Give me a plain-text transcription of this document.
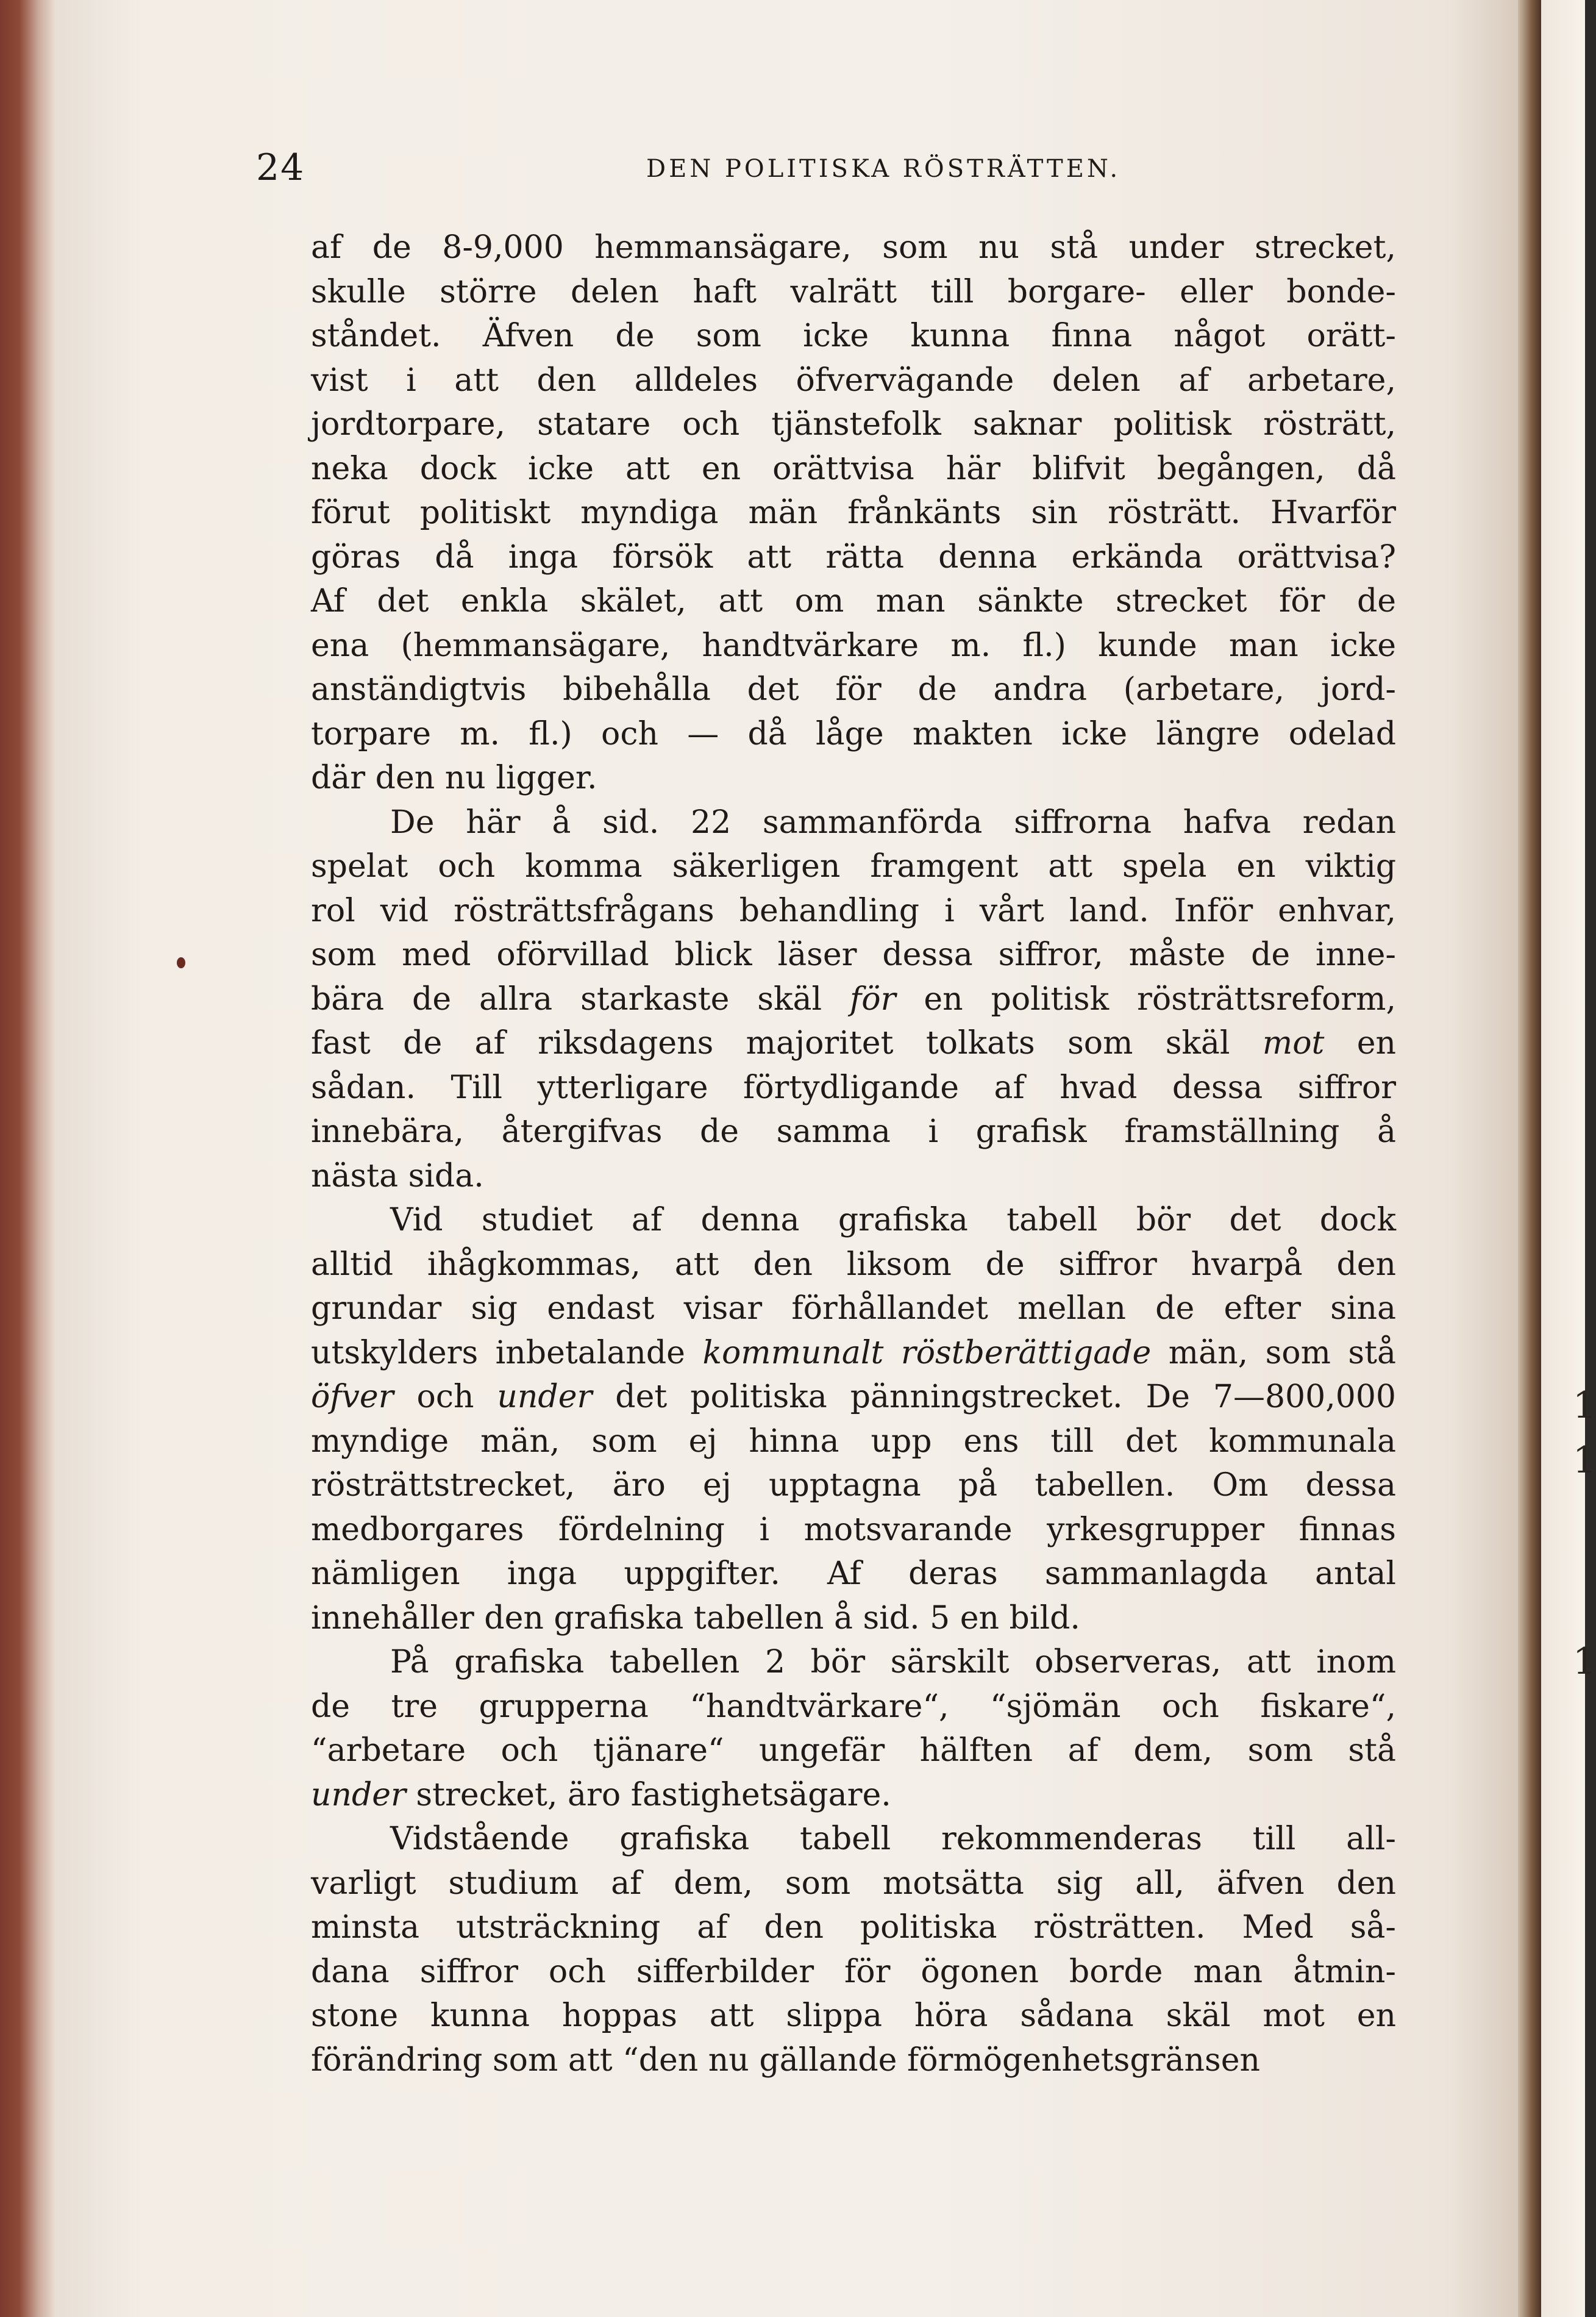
24	DEN POLITISKA RÖSTRÄTTEN.

af de 8-9,000 hemmansägare, som nu stå under strecket,
skulle större delen haft valrätt till borgare- eller bonde-
ståndet. Äfven de som icke kunna finna något orätt-
vist i att den alldeles öfvervägande delen af arbetare,
jordtorpare, statare och tjänstefolk saknar politisk rösträtt,
neka dock icke att en orättvisa här blifvit begången, då
förut politiskt myndiga män frånkänts sin rösträtt. Hvarför
göras då inga försök att rätta denna erkända orättvisa?
Af det enkla skälet, att om man sänkte strecket för de
ena (hemmansägare, handtvärkare m. fl.) kunde man icke
anständigtvis bibehålla det för de andra (arbetare, jord-
torpare m. fl.) och — då låge makten icke längre odelad
där den nu ligger.

De här å sid. 22 sammanförda siffrorna hafva redan
spelat och komma säkerligen framgent att spela en viktig
rol vid rösträttsfrågans behandling i vårt land. Inför enhvar,
som med oförvillad blick läser dessa siffror, måste de inne-
bära de allra starkaste skäl för en politisk rösträttsreform,
fast de af riksdagens majoritet tolkats som skäl mot en
sådan. Till ytterligare förtydligande af hvad dessa siffror
innebära, återgifvas de samma i grafisk framställning å
nästa sida.

Vid studiet af denna grafiska tabell bör det dock
alltid ihågkommas, att den liksom de siffror hvarpå den
grundar sig endast visar förhållandet mellan de efter sina
utskylders inbetalande kommunalt röstberättigade män, som stå
öfver och under det politiska pänningstrecket. De 7—800,000
myndige män, som ej hinna upp ens till det kommunala
rösträttstrecket, äro ej upptagna på tabellen. Om dessa
medborgares fördelning i motsvarande yrkesgrupper finnas
nämligen inga uppgifter. Af deras sammanlagda antal
innehåller den grafiska tabellen å sid. 5 en bild.

På grafiska tabellen 2 bör särskilt observeras, att inom
de tre grupperna “handtvärkare“, “sjömän och fiskare“,
“arbetare och tjänare“ ungefär hälften af dem, som stå
under strecket, äro fastighetsägare.

Vidstående grafiska tabell rekommenderas till all-
varligt studium af dem, som motsätta sig all, äfven den
minsta utsträckning af den politiska rösträtten. Med så-
dana siffror och sifferbilder för ögonen borde man åtmin-
stone kunna hoppas att slippa höra sådana skäl mot en
förändring som att “den nu gällande förmögenhetsgränsen

1
1
1
